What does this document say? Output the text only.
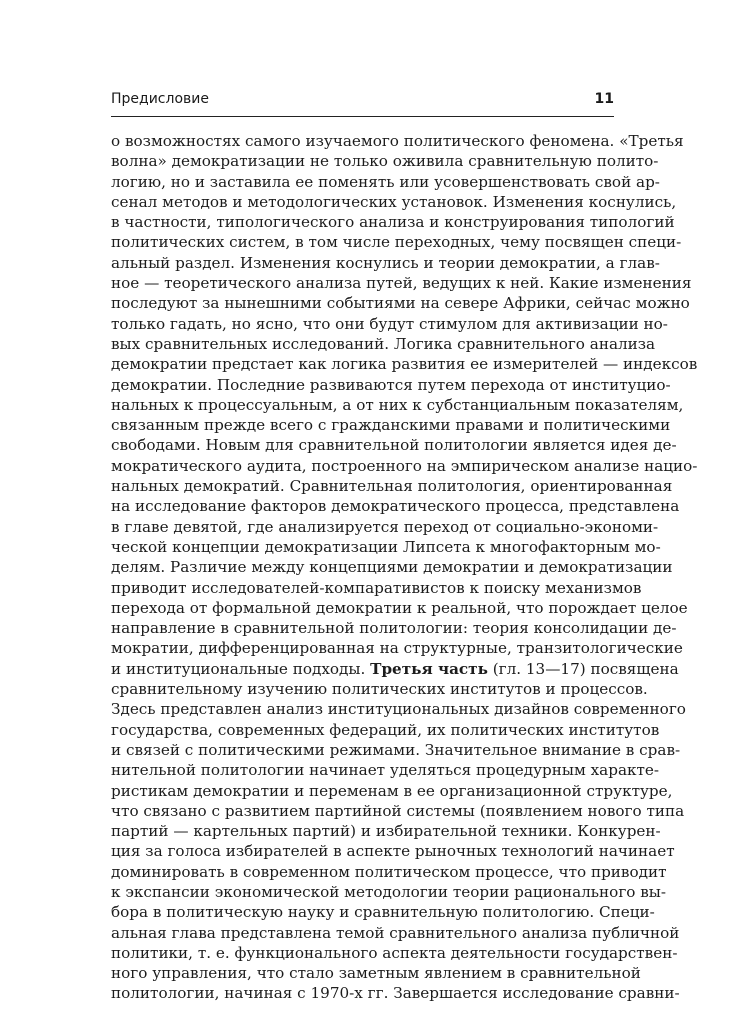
Предисловие	11
о возможностях самого изучаемого политического феномена. «Третья
волна» демократизации не только оживила сравнительную полито-
логию, но и заставила ее поменять или усовершенствовать свой ар-
сенал методов и методологических установок. Изменения коснулись,
в частности, типологического анализа и конструирования типологий
политических систем, в том числе переходных, чему посвящен специ-
альный раздел. Изменения коснулись и теории демократии, а глав-
ное — теоретического анализа путей, ведущих к ней. Какие изменения
последуют за нынешними событиями на севере Африки, сейчас можно
только гадать, но ясно, что они будут стимулом для активизации но-
вых сравнительных исследований. Логика сравнительного анализа
демократии предстает как логика развития ее измерителей — индексов
демократии. Последние развиваются путем перехода от институцио-
нальных к процессуальным, а от них к субстанциальным показателям,
связанным прежде всего с гражданскими правами и политическими
свободами. Новым для сравнительной политологии является идея де-
мократического аудита, построенного на эмпирическом анализе нацио-
нальных демократий. Сравнительная политология, ориентированная
на исследование факторов демократического процесса, представлена
в главе девятой, где анализируется переход от социально-экономи-
ческой концепции демократизации Липсета к многофакторным мо-
делям. Различие между концепциями демократии и демократизации
приводит исследователей-компаративистов к поиску механизмов
перехода от формальной демократии к реальной, что порождает целое
направление в сравнительной политологии: теория консолидации де-
мократии, дифференцированная на структурные, транзитологические
и институциональные подходы. Третья часть (гл. 13—17) посвящена
сравнительному изучению политических институтов и процессов.
Здесь представлен анализ институциональных дизайнов современного
государства, современных федераций, их политических институтов
и связей с политическими режимами. Значительное внимание в срав-
нительной политологии начинает уделяться процедурным характе-
ристикам демократии и переменам в ее организационной структуре,
что связано с развитием партийной системы (появлением нового типа
партий — картельных партий) и избирательной техники. Конкурен-
ция за голоса избирателей в аспекте рыночных технологий начинает
доминировать в современном политическом процессе, что приводит
к экспансии экономической методологии теории рационального вы-
бора в политическую науку и сравнительную политологию. Специ-
альная глава представлена темой сравнительного анализа публичной
политики, т. е. функционального аспекта деятельности государствен-
ного управления, что стало заметным явлением в сравнительной
политологии, начиная с 1970-х гг. Завершается исследование сравни-
